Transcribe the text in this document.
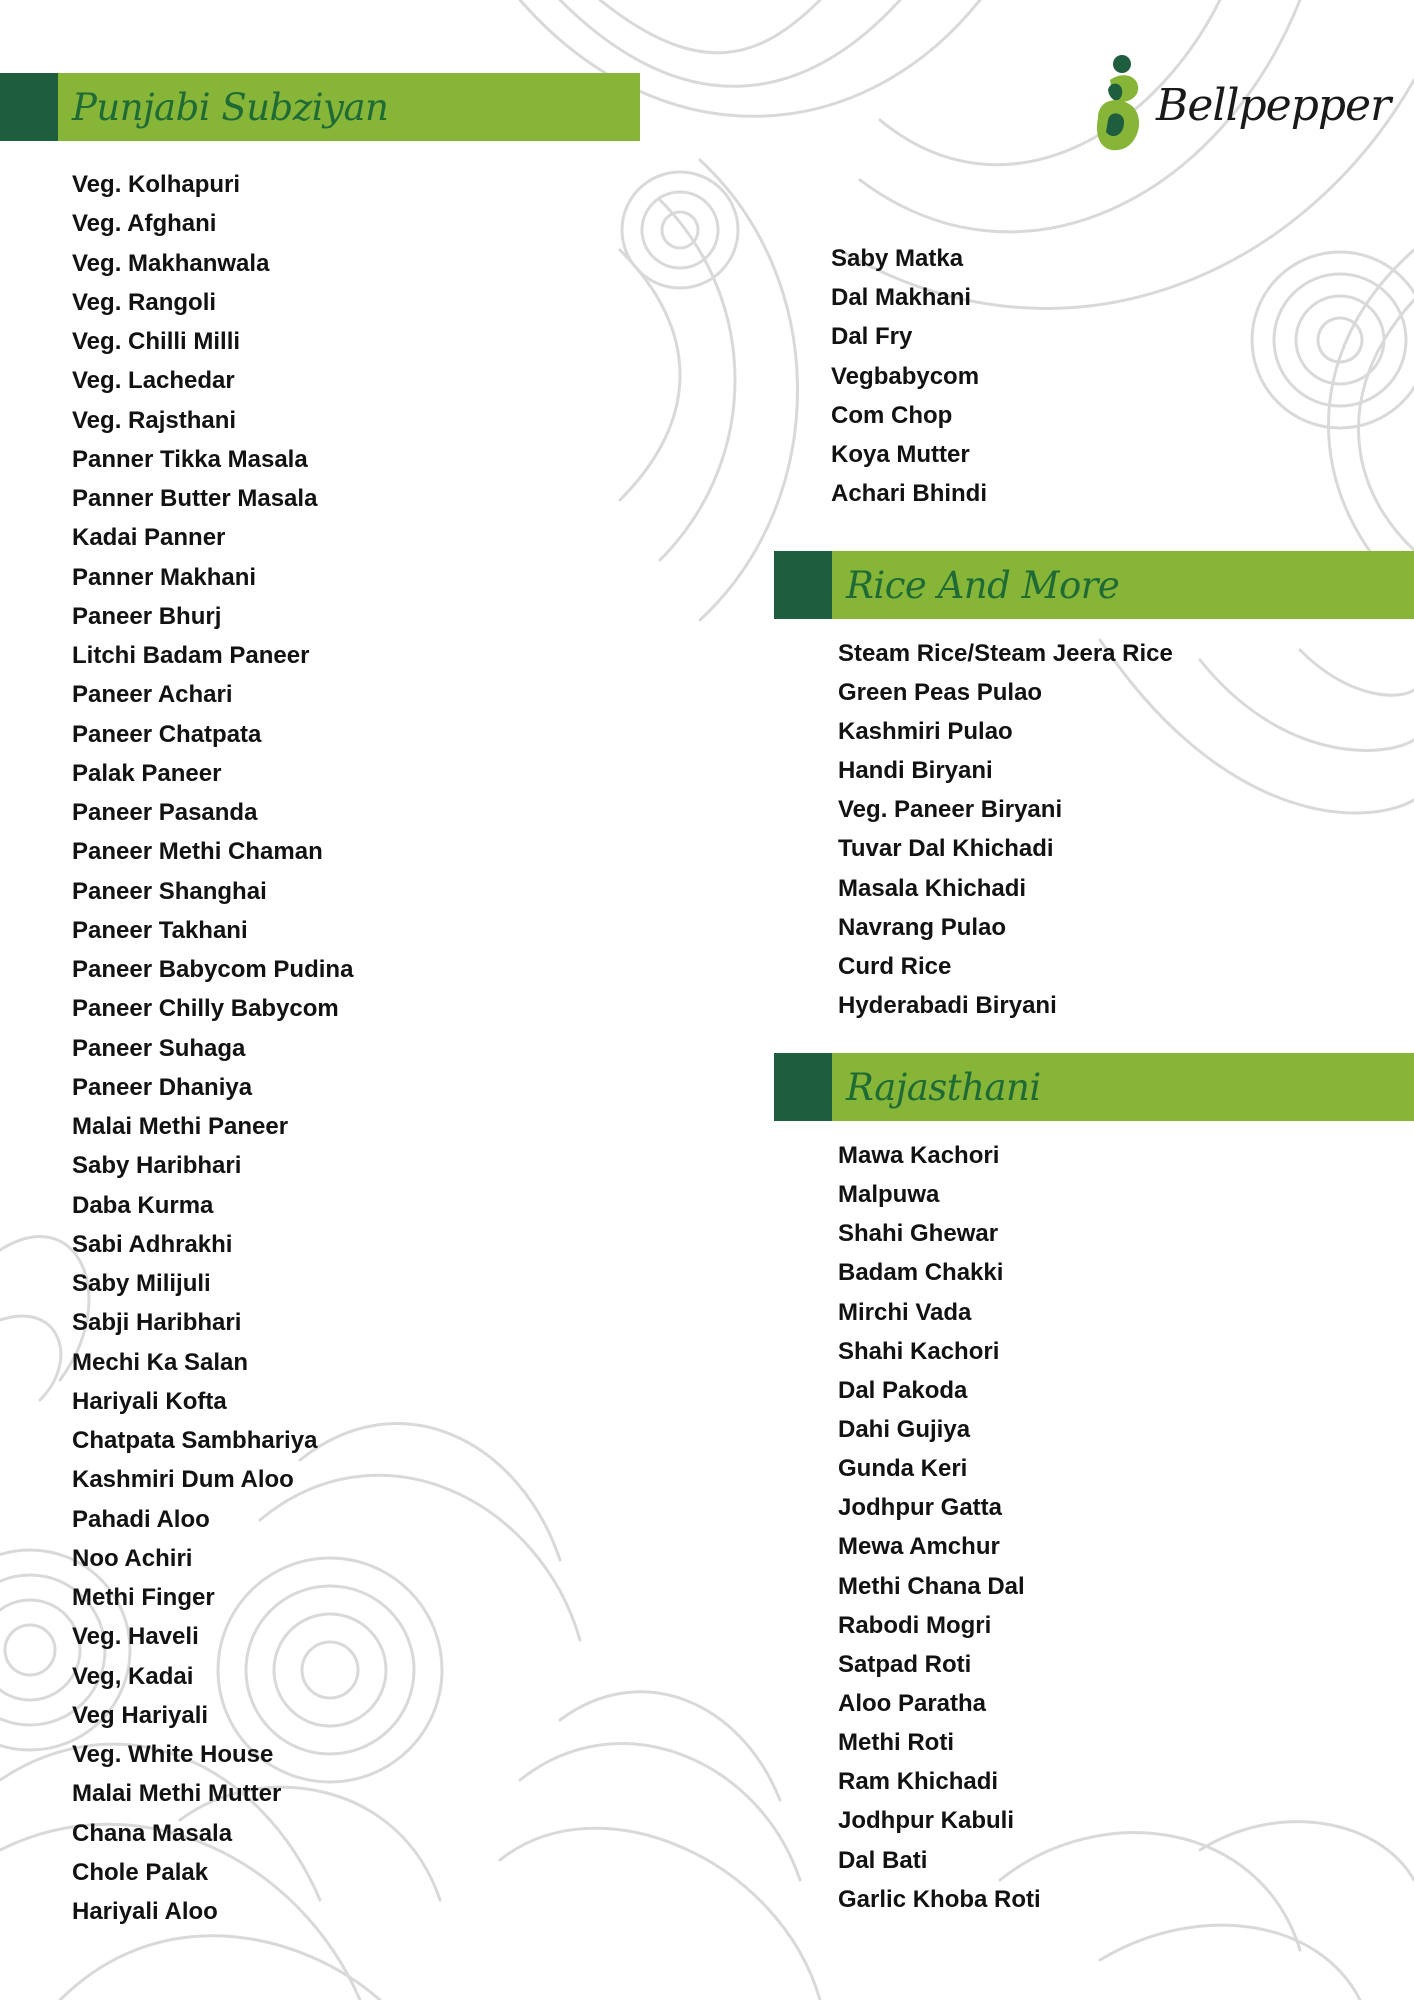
Punjabi Subziyan
Veg. Kolhapuri
Veg. Afghani
Veg. Makhanwala
Veg. Rangoli
Veg. Chilli Milli
Veg. Lachedar
Veg. Rajsthani
Panner Tikka Masala
Panner Butter Masala
Kadai Panner
Panner Makhani
Paneer Bhurj
Litchi Badam Paneer
Paneer Achari
Paneer Chatpata
Palak Paneer
Paneer Pasanda
Paneer Methi Chaman
Paneer Shanghai
Paneer Takhani
Paneer Babycom Pudina
Paneer Chilly Babycom
Paneer Suhaga
Paneer Dhaniya
Malai Methi Paneer
Saby Haribhari
Daba Kurma
Sabi Adhrakhi
Saby Milijuli
Sabji Haribhari
Mechi Ka Salan
Hariyali Kofta
Chatpata Sambhariya
Kashmiri Dum Aloo
Pahadi Aloo
Noo Achiri
Methi Finger
Veg. Haveli
Veg, Kadai
Veg Hariyali
Veg. White House
Malai Methi Mutter
Chana Masala
Chole Palak
Hariyali Aloo
Bellpepper
Saby Matka
Dal Makhani
Dal Fry
Vegbabycom
Com Chop
Koya Mutter
Achari Bhindi
Rice And More
Steam Rice/Steam Jeera Rice
Green Peas Pulao
Kashmiri Pulao
Handi Biryani
Veg. Paneer Biryani
Tuvar Dal Khichadi
Masala Khichadi
Navrang Pulao
Curd Rice
Hyderabadi Biryani
Rajasthani
Mawa Kachori
Malpuwa
Shahi Ghewar
Badam Chakki
Mirchi Vada
Shahi Kachori
Dal Pakoda
Dahi Gujiya
Gunda Keri
Jodhpur Gatta
Mewa Amchur
Methi Chana Dal
Rabodi Mogri
Satpad Roti
Aloo Paratha
Methi Roti
Ram Khichadi
Jodhpur Kabuli
Dal Bati
Garlic Khoba Roti
